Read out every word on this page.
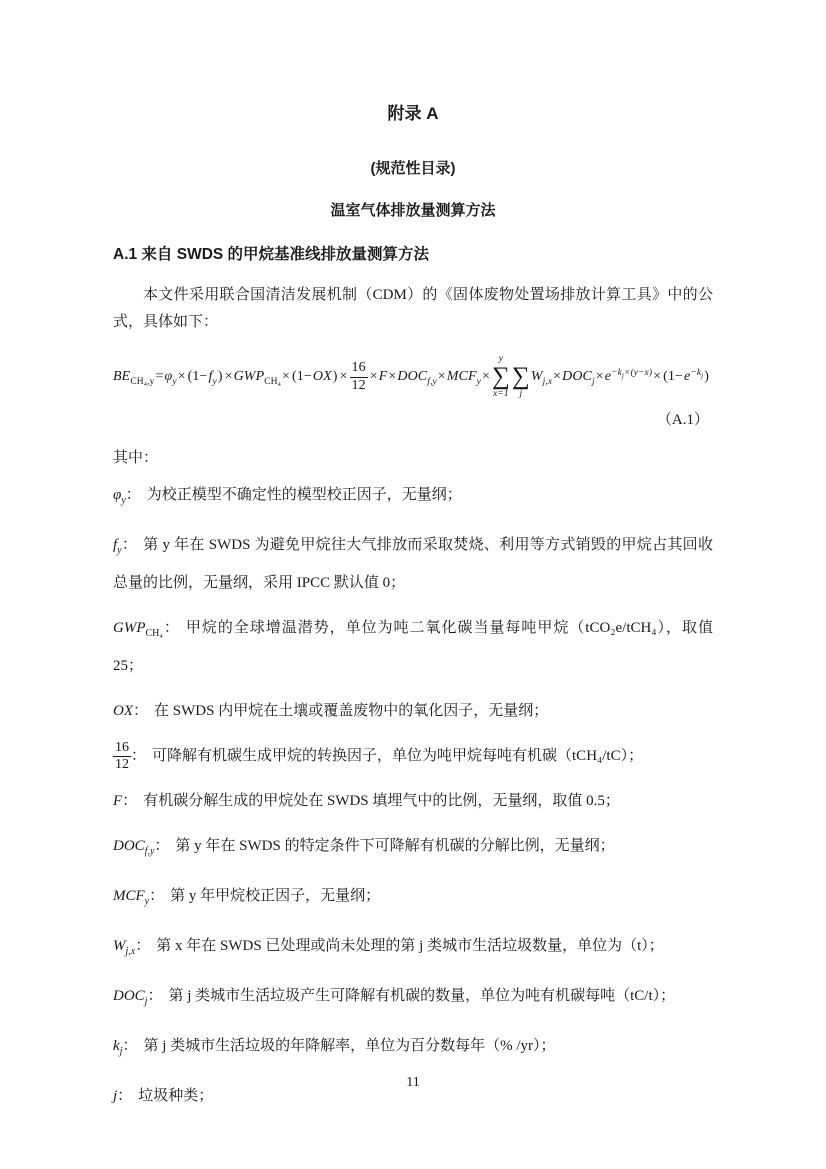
附录 A
(规范性目录)
温室气体排放量测算方法
A.1 来自 SWDS 的甲烷基准线排放量测算方法

本文件采用联合国清洁发展机制（CDM）的《固体废物处置场排放计算工具》中的公式，具体如下：

$BE_{CH_4,y}=\varphi_y\times (1-f_y) \times GWP_{CH_4}\times (1-OX) \times \frac{16}{12} \times F\times DOC_{f,y}\times MCF_y\times$
y
∑
x=1
∑
j
$W_{j,x}\times DOC_j\times e^{-k_j\times(y-x)}\times (1-e^{-k_j})$
（A.1）
其中：
$\varphi_y$： 为校正模型不确定性的模型校正因子，无量纲；
$f_y$： 第 y 年在 SWDS 为避免甲烷往大气排放而采取焚烧、利用等方式销毁的甲烷占其回收总量的比例，无量纲，采用 IPCC 默认值 0；
$GWP_{CH_4}$： 甲烷的全球增温潜势，单位为吨二氧化碳当量每吨甲烷（tCO₂e/tCH₄），取值 25；
OX： 在 SWDS 内甲烷在土壤或覆盖废物中的氧化因子，无量纲；
$\frac{16}{12}$ ： 可降解有机碳生成甲烷的转换因子，单位为吨甲烷每吨有机碳（tCH₄/tC）；
F： 有机碳分解生成的甲烷处在 SWDS 填埋气中的比例，无量纲，取值 0.5；
$DOC_{f,y}$： 第 y 年在 SWDS 的特定条件下可降解有机碳的分解比例，无量纲；
$MCF_y$： 第 y 年甲烷校正因子，无量纲；
$W_{j,x}$： 第 x 年在 SWDS 已处理或尚未处理的第 j 类城市生活垃圾数量，单位为（t）；
$DOC_j$： 第 j 类城市生活垃圾产生可降解有机碳的数量，单位为吨有机碳每吨（tC/t）；
$k_j$： 第 j 类城市生活垃圾的年降解率，单位为百分数每年（% /yr）；
j： 垃圾种类；
11
